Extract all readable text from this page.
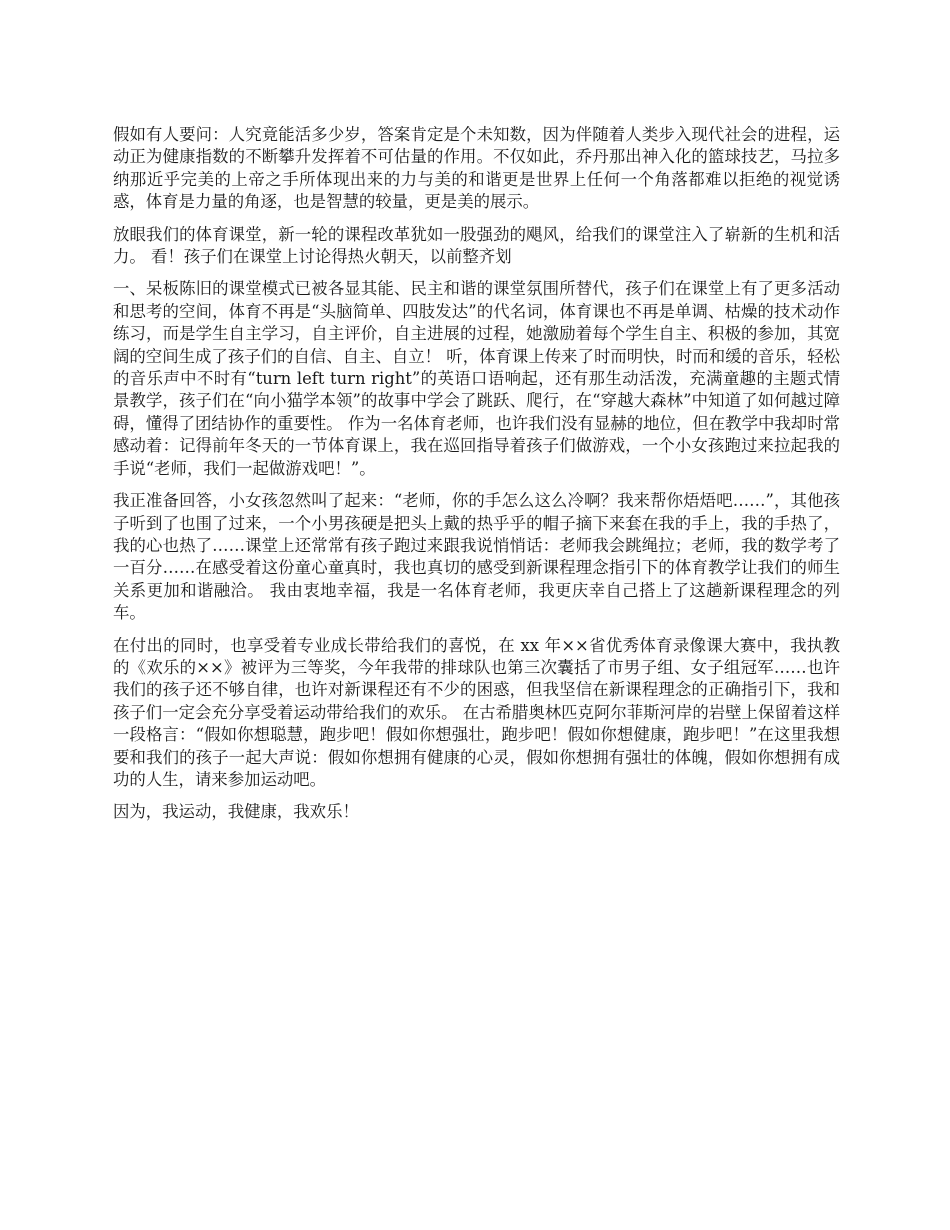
假如有人要问：人究竟能活多少岁，答案肯定是个未知数，因为伴随着人类步入现代社会的进程，运动正为健康指数的不断攀升发挥着不可估量的作用。不仅如此，乔丹那出神入化的篮球技艺，马拉多纳那近乎完美的上帝之手所体现出来的力与美的和谐更是世界上任何一个角落都难以拒绝的视觉诱惑，体育是力量的角逐，也是智慧的较量，更是美的展示。

放眼我们的体育课堂，新一轮的课程改革犹如一股强劲的飓风，给我们的课堂注入了崭新的生机和活力。 看！孩子们在课堂上讨论得热火朝天，以前整齐划

一、呆板陈旧的课堂模式已被各显其能、民主和谐的课堂氛围所替代，孩子们在课堂上有了更多活动和思考的空间，体育不再是“头脑简单、四肢发达”的代名词，体育课也不再是单调、枯燥的技术动作练习，而是学生自主学习，自主评价，自主进展的过程，她激励着每个学生自主、积极的参加，其宽阔的空间生成了孩子们的自信、自主、自立！ 听，体育课上传来了时而明快，时而和缓的音乐，轻松的音乐声中不时有“turn left turn right”的英语口语响起，还有那生动活泼，充满童趣的主题式情景教学，孩子们在“向小猫学本领”的故事中学会了跳跃、爬行，在“穿越大森林”中知道了如何越过障碍，懂得了团结协作的重要性。 作为一名体育老师，也许我们没有显赫的地位，但在教学中我却时常感动着：记得前年冬天的一节体育课上，我在巡回指导着孩子们做游戏，一个小女孩跑过来拉起我的手说“老师，我们一起做游戏吧！”。

我正准备回答，小女孩忽然叫了起来：“老师，你的手怎么这么冷啊？我来帮你焐焐吧……”，其他孩子听到了也围了过来，一个小男孩硬是把头上戴的热乎乎的帽子摘下来套在我的手上，我的手热了，我的心也热了……课堂上还常常有孩子跑过来跟我说悄悄话：老师我会跳绳拉；老师，我的数学考了一百分……在感受着这份童心童真时，我也真切的感受到新课程理念指引下的体育教学让我们的师生关系更加和谐融洽。 我由衷地幸福，我是一名体育老师，我更庆幸自己搭上了这趟新课程理念的列车。

在付出的同时，也享受着专业成长带给我们的喜悦，在 xx 年××省优秀体育录像课大赛中，我执教的《欢乐的××》被评为三等奖，今年我带的排球队也第三次囊括了市男子组、女子组冠军……也许我们的孩子还不够自律，也许对新课程还有不少的困惑，但我坚信在新课程理念的正确指引下，我和孩子们一定会充分享受着运动带给我们的欢乐。 在古希腊奥林匹克阿尔菲斯河岸的岩壁上保留着这样一段格言：“假如你想聪慧，跑步吧！假如你想强壮，跑步吧！假如你想健康，跑步吧！”在这里我想要和我们的孩子一起大声说：假如你想拥有健康的心灵，假如你想拥有强壮的体魄，假如你想拥有成功的人生，请来参加运动吧。

因为，我运动，我健康，我欢乐！
